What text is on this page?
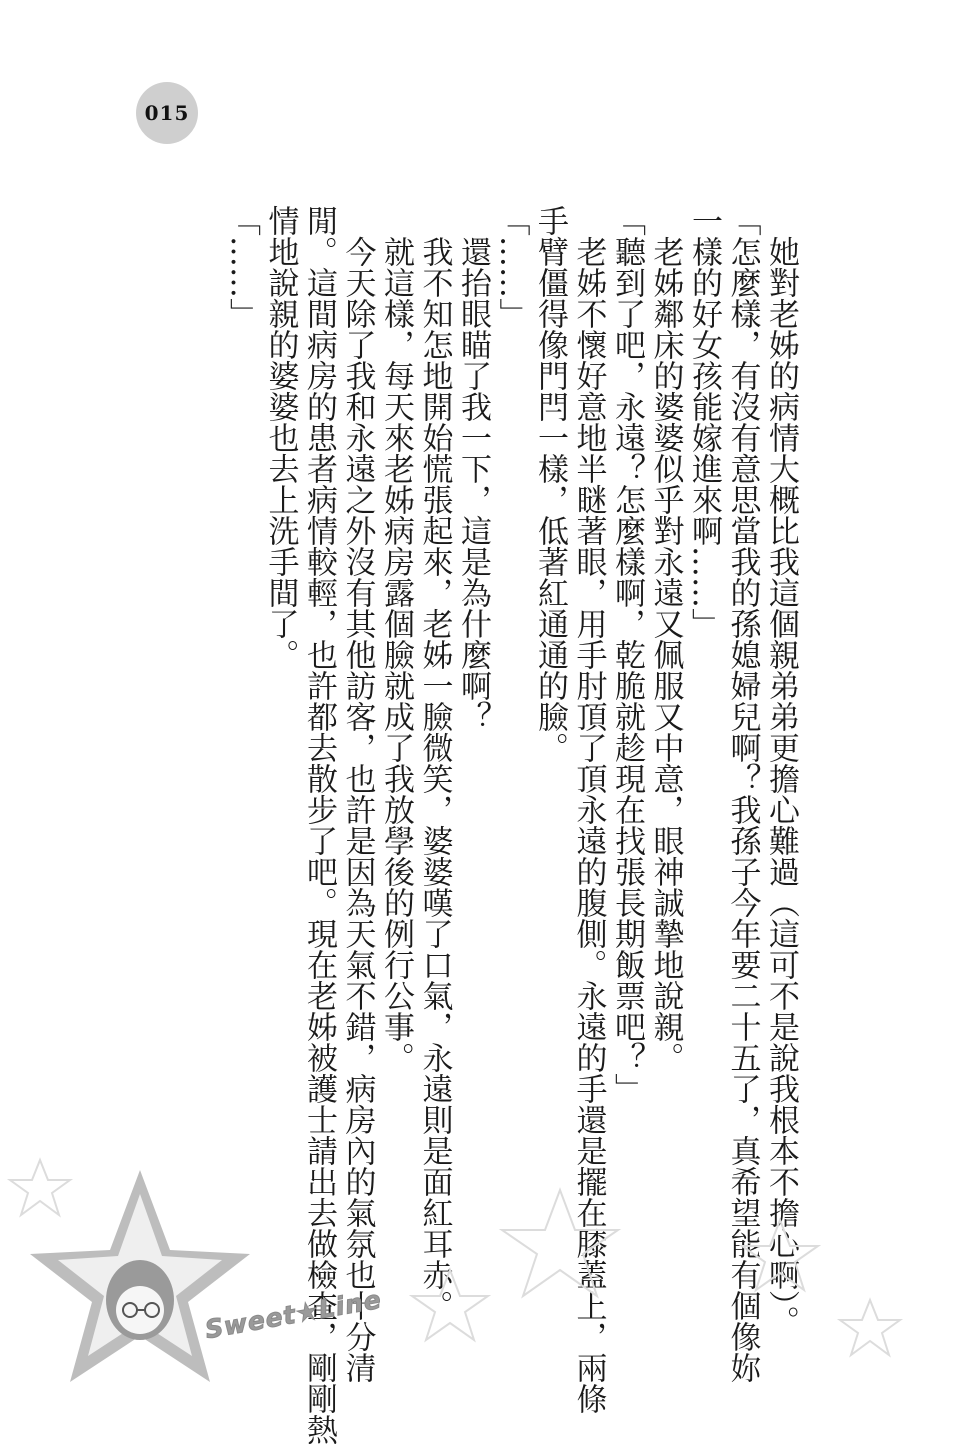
015

她對老姊的病情大概比我這個親弟弟更擔心難過（這可不是說我根本不擔心啊）。

「怎麼樣，有沒有意思當我的孫媳婦兒啊？我孫子今年要二十五了，真希望能有個像妳

一樣的好女孩能嫁進來啊……」

老姊鄰床的婆婆似乎對永遠又佩服又中意，眼神誠摯地說親。

「聽到了吧，永遠？怎麼樣啊，乾脆就趁現在找張長期飯票吧？」

老姊不懷好意地半瞇著眼，用手肘頂了頂永遠的腹側。永遠的手還是擺在膝蓋上，兩條

手臂僵得像門閂一樣，低著紅通通的臉。

「……」

還抬眼瞄了我一下，這是為什麼啊？

我不知怎地開始慌張起來，老姊一臉微笑，婆婆嘆了口氣，永遠則是面紅耳赤。

就這樣，每天來老姊病房露個臉就成了我放學後的例行公事。

今天除了我和永遠之外沒有其他訪客，也許是因為天氣不錯，病房內的氣氛也十分清

閒。這間病房的患者病情較輕，也許都去散步了吧。現在老姊被護士請出去做檢查，剛剛熱

情地說親的婆婆也去上洗手間了。

「……」

Sweet★Line
